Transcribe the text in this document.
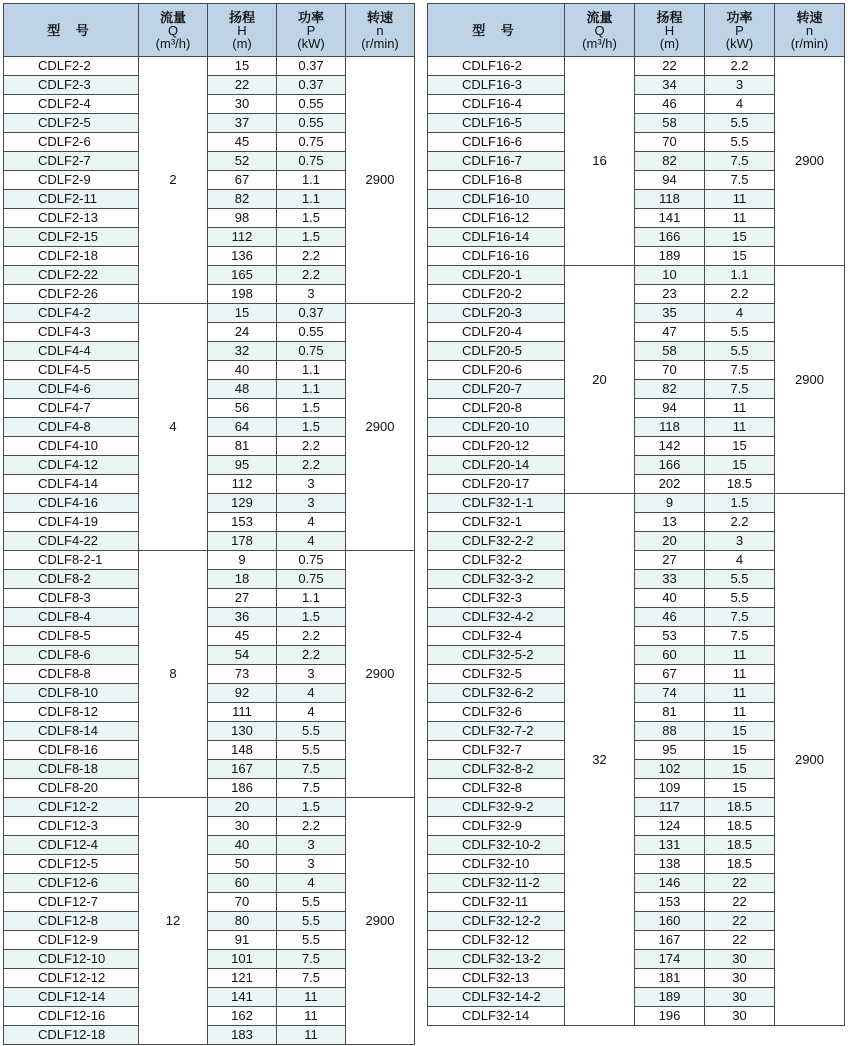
型 号	流量
Q
(m³/h)	扬程
H
(m)	功率
P
(kW)	转速
n
(r/min)

CDLF2-2	2	15	0.37	2900
CDLF2-3		22	0.37	
CDLF2-4		30	0.55	
CDLF2-5		37	0.55	
CDLF2-6		45	0.75	
CDLF2-7		52	0.75	
CDLF2-9		67	1.1	
CDLF2-11		82	1.1	
CDLF2-13		98	1.5	
CDLF2-15		112	1.5	
CDLF2-18		136	2.2	
CDLF2-22		165	2.2	
CDLF2-26		198	3	
CDLF4-2	4	15	0.37	2900
CDLF4-3		24	0.55	
CDLF4-4		32	0.75	
CDLF4-5		40	1.1	
CDLF4-6		48	1.1	
CDLF4-7		56	1.5	
CDLF4-8		64	1.5	
CDLF4-10		81	2.2	
CDLF4-12		95	2.2	
CDLF4-14		112	3	
CDLF4-16		129	3	
CDLF4-19		153	4	
CDLF4-22		178	4	
CDLF8-2-1	8	9	0.75	2900
CDLF8-2		18	0.75	
CDLF8-3		27	1.1	
CDLF8-4		36	1.5	
CDLF8-5		45	2.2	
CDLF8-6		54	2.2	
CDLF8-8		73	3	
CDLF8-10		92	4	
CDLF8-12		111	4	
CDLF8-14		130	5.5	
CDLF8-16		148	5.5	
CDLF8-18		167	7.5	
CDLF8-20		186	7.5	
CDLF12-2	12	20	1.5	2900
CDLF12-3		30	2.2	
CDLF12-4		40	3	
CDLF12-5		50	3	
CDLF12-6		60	4	
CDLF12-7		70	5.5	
CDLF12-8		80	5.5	
CDLF12-9		91	5.5	
CDLF12-10		101	7.5	
CDLF12-12		121	7.5	
CDLF12-14		141	11	
CDLF12-16		162	11	
CDLF12-18		183	11	
型 号	流量
Q
(m³/h)	扬程
H
(m)	功率
P
(kW)	转速
n
(r/min)

CDLF16-2	16	22	2.2	2900
CDLF16-3		34	3	
CDLF16-4		46	4	
CDLF16-5		58	5.5	
CDLF16-6		70	5.5	
CDLF16-7		82	7.5	
CDLF16-8		94	7.5	
CDLF16-10		118	11	
CDLF16-12		141	11	
CDLF16-14		166	15	
CDLF16-16		189	15	
CDLF20-1	20	10	1.1	2900
CDLF20-2		23	2.2	
CDLF20-3		35	4	
CDLF20-4		47	5.5	
CDLF20-5		58	5.5	
CDLF20-6		70	7.5	
CDLF20-7		82	7.5	
CDLF20-8		94	11	
CDLF20-10		118	11	
CDLF20-12		142	15	
CDLF20-14		166	15	
CDLF20-17		202	18.5	
CDLF32-1-1	32	9	1.5	2900
CDLF32-1		13	2.2	
CDLF32-2-2		20	3	
CDLF32-2		27	4	
CDLF32-3-2		33	5.5	
CDLF32-3		40	5.5	
CDLF32-4-2		46	7.5	
CDLF32-4		53	7.5	
CDLF32-5-2		60	11	
CDLF32-5		67	11	
CDLF32-6-2		74	11	
CDLF32-6		81	11	
CDLF32-7-2		88	15	
CDLF32-7		95	15	
CDLF32-8-2		102	15	
CDLF32-8		109	15	
CDLF32-9-2		117	18.5	
CDLF32-9		124	18.5	
CDLF32-10-2		131	18.5	
CDLF32-10		138	18.5	
CDLF32-11-2		146	22	
CDLF32-11		153	22	
CDLF32-12-2		160	22	
CDLF32-12		167	22	
CDLF32-13-2		174	30	
CDLF32-13		181	30	
CDLF32-14-2		189	30	
CDLF32-14		196	30	
